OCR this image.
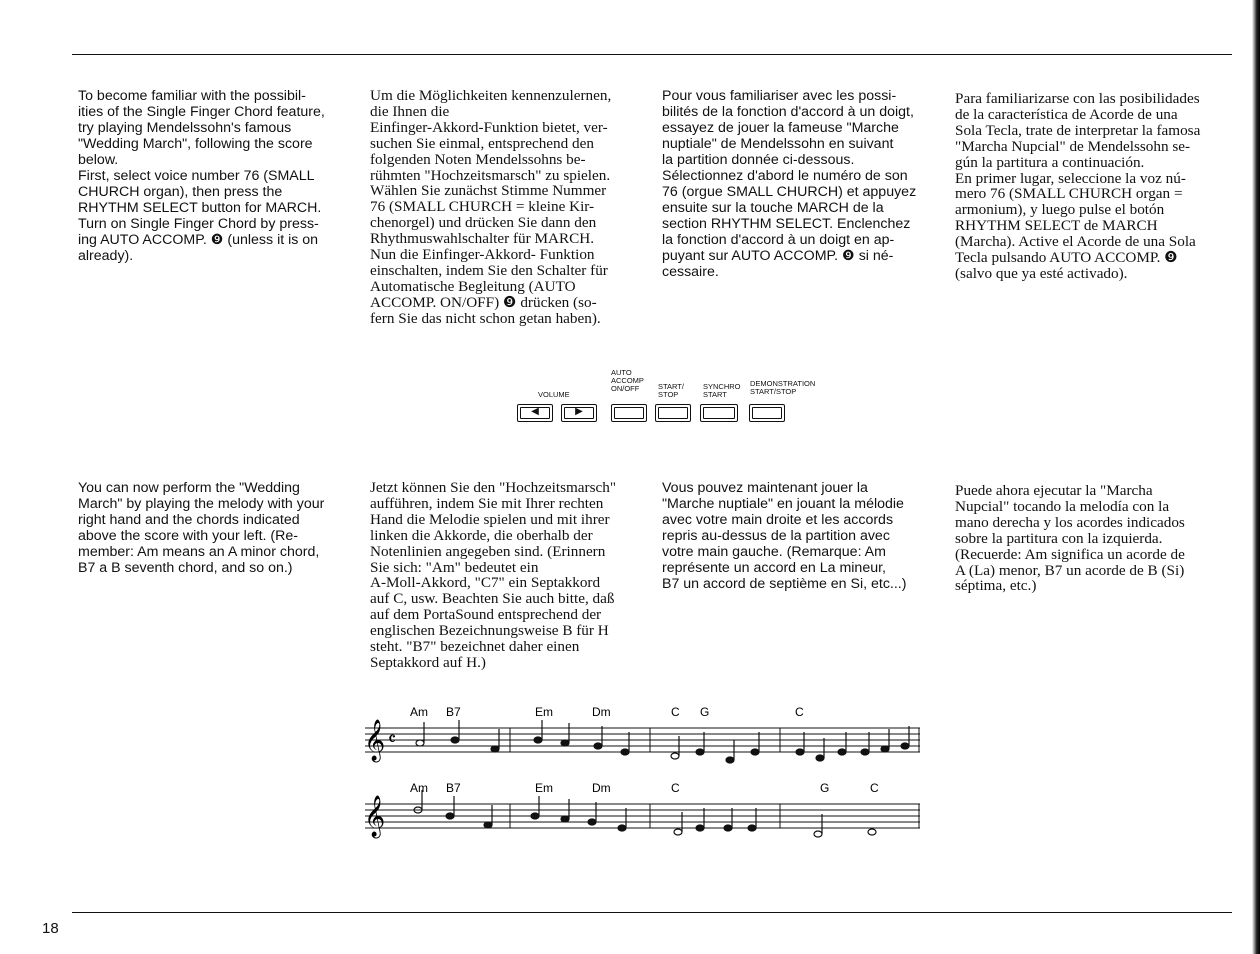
To become familiar with the possibil-
ities of the Single Finger Chord feature,
try playing Mendelssohn's famous
"Wedding March", following the score
below.
First, select voice number 76 (SMALL
CHURCH organ), then press the
RHYTHM SELECT button for MARCH.
Turn on Single Finger Chord by press-
ing AUTO ACCOMP. ❾ (unless it is on
already).
Um die Möglichkeiten kennenzulernen,
die Ihnen die
Einfinger-Akkord-Funktion bietet, ver-
suchen Sie einmal, entsprechend den
folgenden Noten Mendelssohns be-
rühmten "Hochzeitsmarsch" zu spielen.
Wählen Sie zunächst Stimme Nummer
76 (SMALL CHURCH = kleine Kir-
chenorgel) und drücken Sie dann den
Rhythmuswahlschalter für MARCH.
Nun die Einfinger-Akkord- Funktion
einschalten, indem Sie den Schalter für
Automatische Begleitung (AUTO
ACCOMP. ON/OFF) ❾ drücken (so-
fern Sie das nicht schon getan haben).
Pour vous familiariser avec les possi-
bilités de la fonction d'accord à un doigt,
essayez de jouer la fameuse "Marche
nuptiale" de Mendelssohn en suivant
la partition donnée ci-dessous.
Sélectionnez d'abord le numéro de son
76 (orgue SMALL CHURCH) et appuyez
ensuite sur la touche MARCH de la
section RHYTHM SELECT. Enclenchez
la fonction d'accord à un doigt en ap-
puyant sur AUTO ACCOMP. ❾ si né-
cessaire.
Para familiarizarse con las posibilidades
de la característica de Acorde de una
Sola Tecla, trate de interpretar la famosa
"Marcha Nupcial" de Mendelssohn se-
gún la partitura a continuación.
En primer lugar, seleccione la voz nú-
mero 76 (SMALL CHURCH organ =
armonium), y luego pulse el botón
RHYTHM SELECT de MARCH
(Marcha). Active el Acorde de una Sola
Tecla pulsando AUTO ACCOMP. ❾
(salvo que ya esté activado).
VOLUME
AUTO
ACCOMP
ON/OFF	START/
STOP
SYNCHRO
START
DEMONSTRATION
START/STOP
◀	▶
You can now perform the "Wedding
March" by playing the melody with your
right hand and the chords indicated
above the score with your left. (Re-
member: Am means an A minor chord,
B7 a B seventh chord, and so on.)
Jetzt können Sie den "Hochzeitsmarsch"
aufführen, indem Sie mit Ihrer rechten
Hand die Melodie spielen und mit ihrer
linken die Akkorde, die oberhalb der
Notenlinien angegeben sind. (Erinnern
Sie sich: "Am" bedeutet ein
A-Moll-Akkord, "C7" ein Septakkord
auf C, usw. Beachten Sie auch bitte, daß
auf dem PortaSound entsprechend der
englischen Bezeichnungsweise B für H
steht. "B7" bezeichnet daher einen
Septakkord auf H.)
Vous pouvez maintenant jouer la
"Marche nuptiale" en jouant la mélodie
avec votre main droite et les accords
repris au-dessus de la partition avec
votre main gauche. (Remarque: Am
représente un accord en La mineur,
B7 un accord de septième en Si, etc...)
Puede ahora ejecutar la "Marcha
Nupcial" tocando la melodía con la
mano derecha y los acordes indicados
sobre la partitura con la izquierda.
(Recuerde: Am significa un acorde de
A (La) menor, B7 un acorde de B (Si)
séptima, etc.)
𝄞 𝄴
Am B7	Em	Dm	C G	C
𝄞
Am B7	Em	Dm	C	G	C
18
